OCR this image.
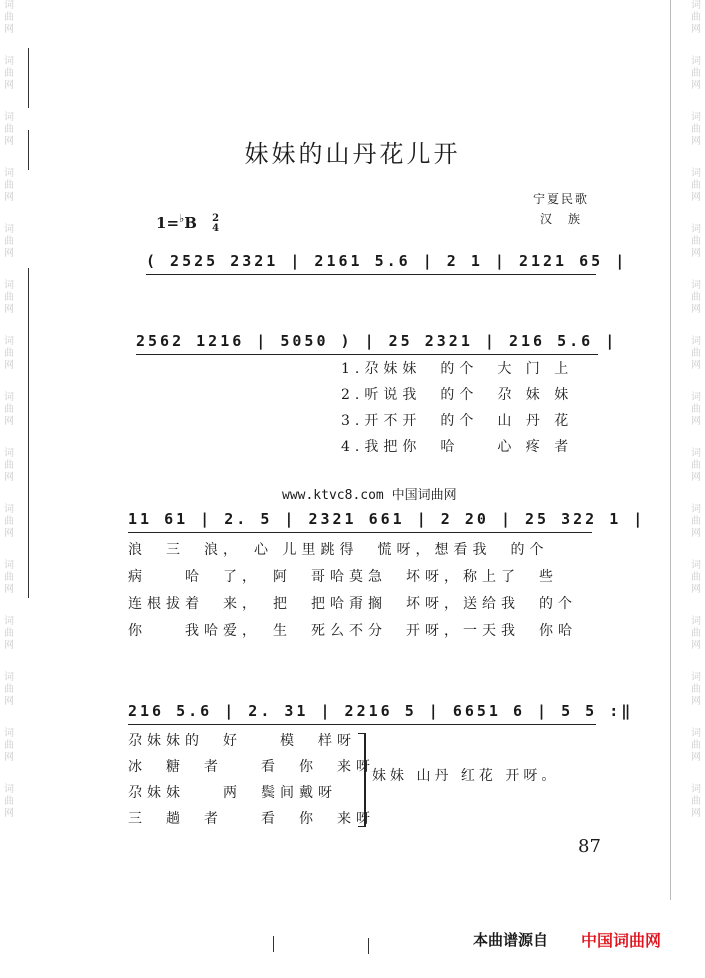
词
曲
网
词
曲
网
词
曲
网
词
曲
网
词
曲
网
词
曲
网
词
曲
网
词
曲
网
词
曲
网
词
曲
网
词
曲
网
词
曲
网
词
曲
网
词
曲
网
词
曲
网
词
曲
网
词
曲
网
词
曲
网
词
曲
网
词
曲
网
词
曲
网
词
曲
网
词
曲
网
词
曲
网
词
曲
网
词
曲
网
词
曲
网
词
曲
网
词
曲
网
词
曲
网
妹妹的山丹花儿开
宁夏民歌
汉　族
1=♭B 2
4
( 2525 2321 | 2161 5.6 | 2 1 | 2121 65 |
2562 1216 | 5050 ) | 25 2321 | 216 5.6 |
1.尕妹妹　的个　大 门 上
2.听说我　的个　尕 妹 妹
3.开不开　的个　山 丹 花
4.我把你　哈　　心 疼 者
www.ktvc8.com 中国词曲网
11 61 | 2. 5 | 2321 661 | 2 20 | 25 322 1 |
浪　三　浪，　心 儿里跳得　慌呀，想看我　的个
病　　哈　了，　阿　哥哈莫急　坏呀，称上了　些
连根拔着　来，　把　把哈甭搁　坏呀，送给我　的个
你　　我哈爱，　生　死么不分　开呀，一天我　你哈
216 5.6 | 2. 31 | 2216 5 | 6651 6 | 5 5 :‖
尕妹妹的　好　　模　样呀
冰　糖　者　　看　你　来呀
尕妹妹　　两　鬓间戴呀
三　趟　者　　看　你　来呀
妹妹 山丹 红花 开呀。
87
本曲谱源自 中国词曲网
